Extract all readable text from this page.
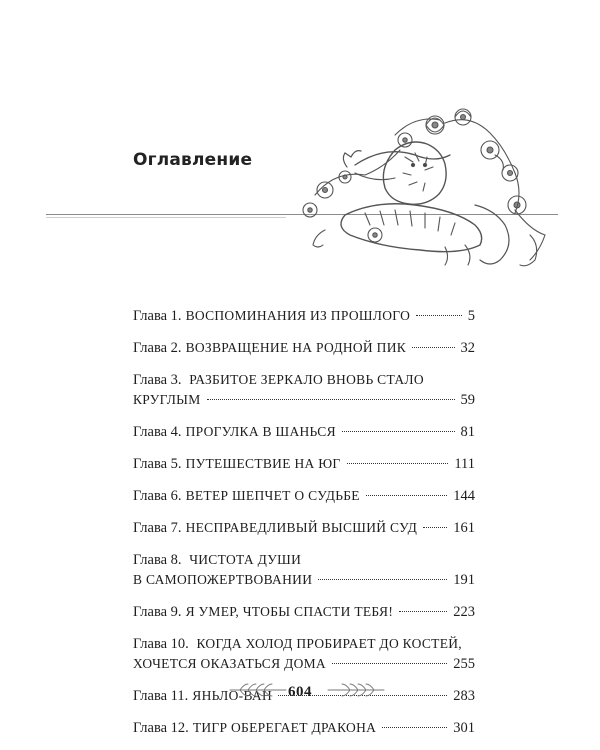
Оглавление
Глава 1. ВОСПОМИНАНИЯ ИЗ ПРОШЛОГО	5
Глава 2. ВОЗВРАЩЕНИЕ НА РОДНОЙ ПИК	32
Глава 3. РАЗБИТОЕ ЗЕРКАЛО ВНОВЬ СТАЛО
КРУГЛЫМ	59
Глава 4. ПРОГУЛКА В ШАНЬСЯ	81
Глава 5. ПУТЕШЕСТВИЕ НА ЮГ	111
Глава 6. ВЕТЕР ШЕПЧЕТ О СУДЬБЕ	144
Глава 7. НЕСПРАВЕДЛИВЫЙ ВЫСШИЙ СУД 161
Глава 8. ЧИСТОТА ДУШИ
В САМОПОЖЕРТВОВАНИИ	191
Глава 9. Я УМЕР, ЧТОБЫ СПАСТИ ТЕБЯ!	223
Глава 10. КОГДА ХОЛОД ПРОБИРАЕТ ДО КОСТЕЙ,
ХОЧЕТСЯ ОКАЗАТЬСЯ ДОМА	255
Глава 11. ЯНЬЛО-ВАН	283
Глава 12. ТИГР ОБЕРЕГАЕТ ДРАКОНА	301
604
